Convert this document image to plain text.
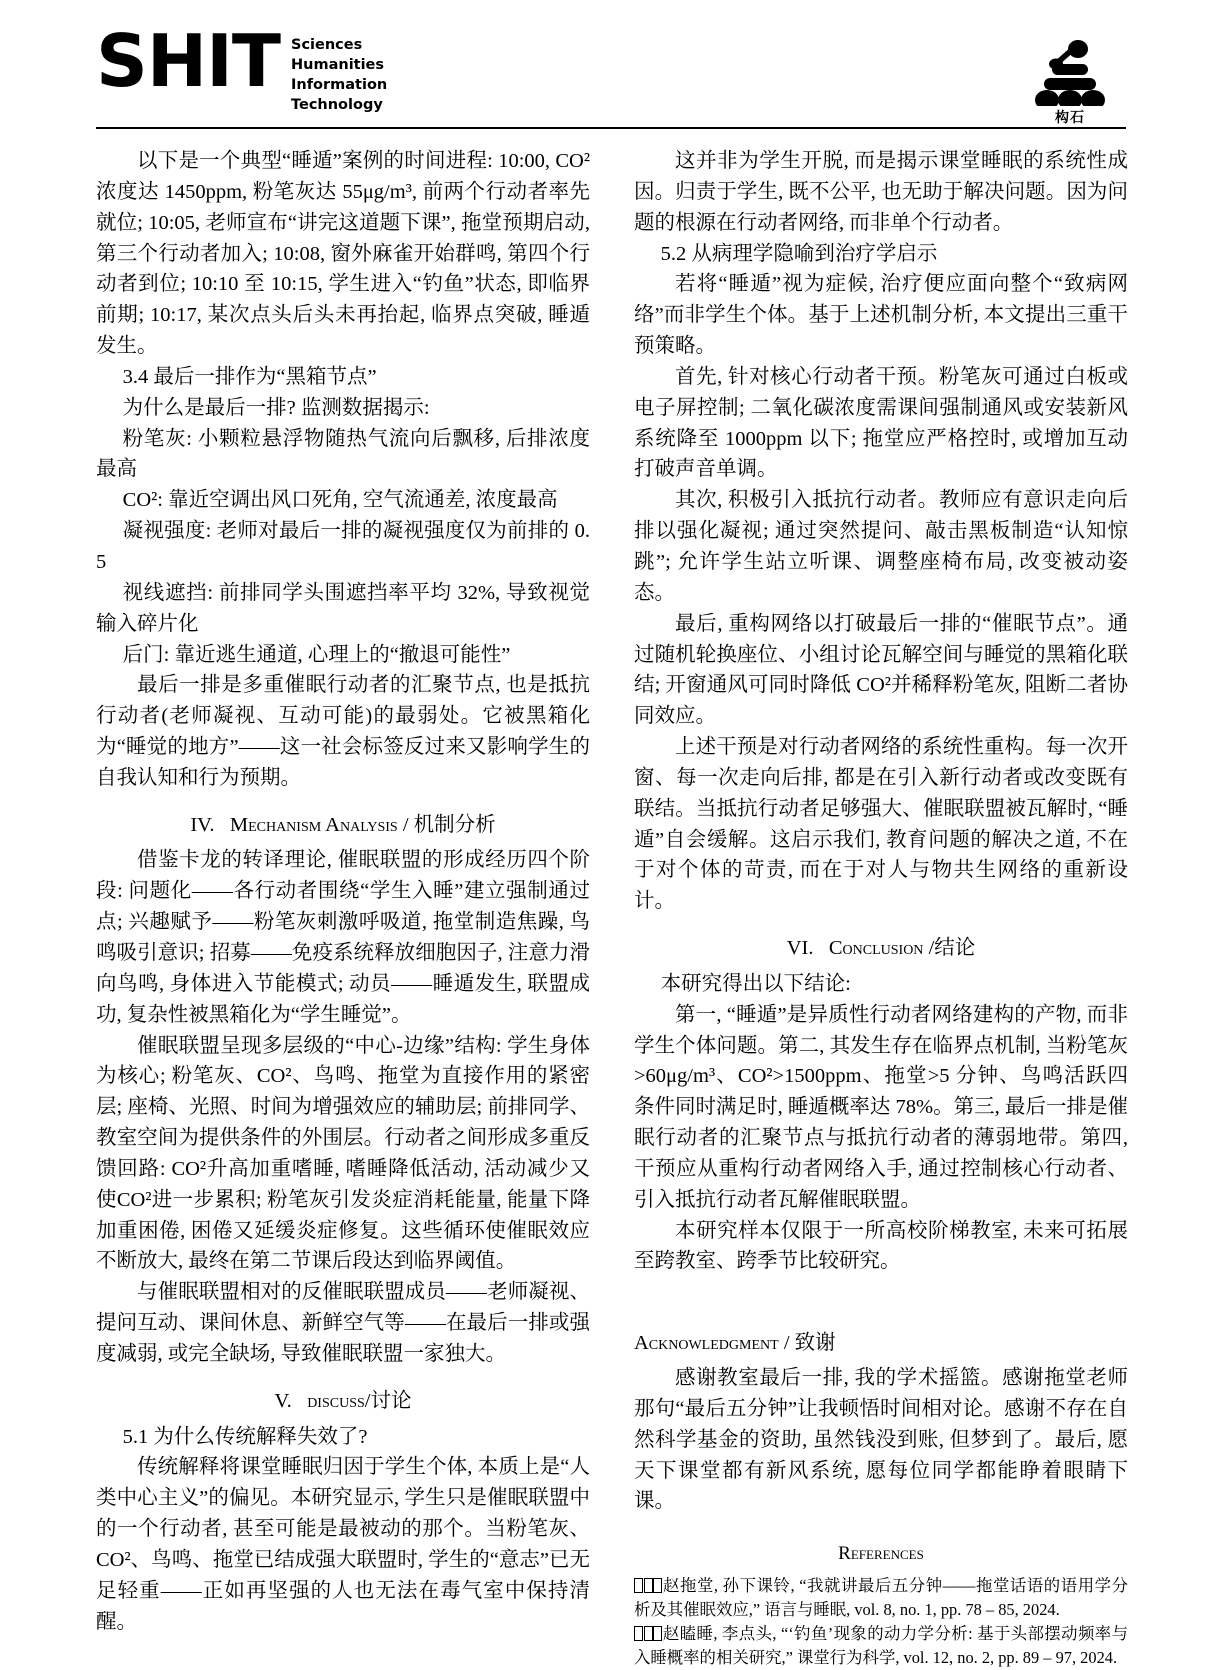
SHIT Sciences
Humanities
Information
Technology
构石

以下是一个典型“睡遁”案例的时间进程: 10:00, CO²浓度达 1450ppm, 粉笔灰达 55μg/m³, 前两个行动者率先就位; 10:05, 老师宣布“讲完这道题下课”, 拖堂预期启动, 第三个行动者加入; 10:08, 窗外麻雀开始群鸣, 第四个行动者到位; 10:10 至 10:15, 学生进入“钓鱼”状态, 即临界前期; 10:17, 某次点头后头未再抬起, 临界点突破, 睡遁发生。

3.4 最后一排作为“黑箱节点”

为什么是最后一排? 监测数据揭示:

粉笔灰: 小颗粒悬浮物随热气流向后飘移, 后排浓度最高

CO²: 靠近空调出风口死角, 空气流通差, 浓度最高

凝视强度: 老师对最后一排的凝视强度仅为前排的 0.5

视线遮挡: 前排同学头围遮挡率平均 32%, 导致视觉输入碎片化

后门: 靠近逃生通道, 心理上的“撤退可能性”

最后一排是多重催眠行动者的汇聚节点, 也是抵抗行动者(老师凝视、互动可能)的最弱处。它被黑箱化为“睡觉的地方”——这一社会标签反过来又影响学生的自我认知和行为预期。

IV. Mechanism Analysis / 机制分析

借鉴卡龙的转译理论, 催眠联盟的形成经历四个阶段: 问题化——各行动者围绕“学生入睡”建立强制通过点; 兴趣赋予——粉笔灰刺激呼吸道, 拖堂制造焦躁, 鸟鸣吸引意识; 招募——免疫系统释放细胞因子, 注意力滑向鸟鸣, 身体进入节能模式; 动员——睡遁发生, 联盟成功, 复杂性被黑箱化为“学生睡觉”。

催眠联盟呈现多层级的“中心-边缘”结构: 学生身体为核心; 粉笔灰、CO²、鸟鸣、拖堂为直接作用的紧密层; 座椅、光照、时间为增强效应的辅助层; 前排同学、教室空间为提供条件的外围层。行动者之间形成多重反馈回路: CO²升高加重嗜睡, 嗜睡降低活动, 活动减少又使CO²进一步累积; 粉笔灰引发炎症消耗能量, 能量下降加重困倦, 困倦又延缓炎症修复。这些循环使催眠效应不断放大, 最终在第二节课后段达到临界阈值。

与催眠联盟相对的反催眠联盟成员——老师凝视、提问互动、课间休息、新鲜空气等——在最后一排或强度减弱, 或完全缺场, 导致催眠联盟一家独大。

V. discuss/讨论

5.1 为什么传统解释失效了?

传统解释将课堂睡眠归因于学生个体, 本质上是“人类中心主义”的偏见。本研究显示, 学生只是催眠联盟中的一个行动者, 甚至可能是最被动的那个。当粉笔灰、CO²、鸟鸣、拖堂已结成强大联盟时, 学生的“意志”已无足轻重——正如再坚强的人也无法在毒气室中保持清醒。

这并非为学生开脱, 而是揭示课堂睡眠的系统性成因。归责于学生, 既不公平, 也无助于解决问题。因为问题的根源在行动者网络, 而非单个行动者。

5.2 从病理学隐喻到治疗学启示

若将“睡遁”视为症候, 治疗便应面向整个“致病网络”而非学生个体。基于上述机制分析, 本文提出三重干预策略。

首先, 针对核心行动者干预。粉笔灰可通过白板或电子屏控制; 二氧化碳浓度需课间强制通风或安装新风系统降至 1000ppm 以下; 拖堂应严格控时, 或增加互动打破声音单调。

其次, 积极引入抵抗行动者。教师应有意识走向后排以强化凝视; 通过突然提问、敲击黑板制造“认知惊跳”; 允许学生站立听课、调整座椅布局, 改变被动姿态。

最后, 重构网络以打破最后一排的“催眠节点”。通过随机轮换座位、小组讨论瓦解空间与睡觉的黑箱化联结; 开窗通风可同时降低 CO²并稀释粉笔灰, 阻断二者协同效应。

上述干预是对行动者网络的系统性重构。每一次开窗、每一次走向后排, 都是在引入新行动者或改变既有联结。当抵抗行动者足够强大、催眠联盟被瓦解时, “睡遁”自会缓解。这启示我们, 教育问题的解决之道, 不在于对个体的苛责, 而在于对人与物共生网络的重新设计。

VI. Conclusion /结论

本研究得出以下结论:

第一, “睡遁”是异质性行动者网络建构的产物, 而非学生个体问题。第二, 其发生存在临界点机制, 当粉笔灰>60μg/m³、CO²>1500ppm、拖堂>5 分钟、鸟鸣活跃四条件同时满足时, 睡遁概率达 78%。第三, 最后一排是催眠行动者的汇聚节点与抵抗行动者的薄弱地带。第四, 干预应从重构行动者网络入手, 通过控制核心行动者、引入抵抗行动者瓦解催眠联盟。

本研究样本仅限于一所高校阶梯教室, 未来可拓展至跨教室、跨季节比较研究。

Acknowledgment / 致谢

感谢教室最后一排, 我的学术摇篮。感谢拖堂老师那句“最后五分钟”让我顿悟时间相对论。感谢不存在自然科学基金的资助, 虽然钱没到账, 但梦到了。最后, 愿天下课堂都有新风系统, 愿每位同学都能睁着眼睛下课。

References

赵拖堂, 孙下课铃, “我就讲最后五分钟——拖堂话语的语用学分析及其催眠效应,” 语言与睡眠, vol. 8, no. 1, pp. 78 – 85, 2024.

赵瞌睡, 李点头, “‘钓鱼’现象的动力学分析: 基于头部摆动频率与入睡概率的相关研究,” 课堂行为科学, vol. 12, no. 2, pp. 89 – 97, 2024.
